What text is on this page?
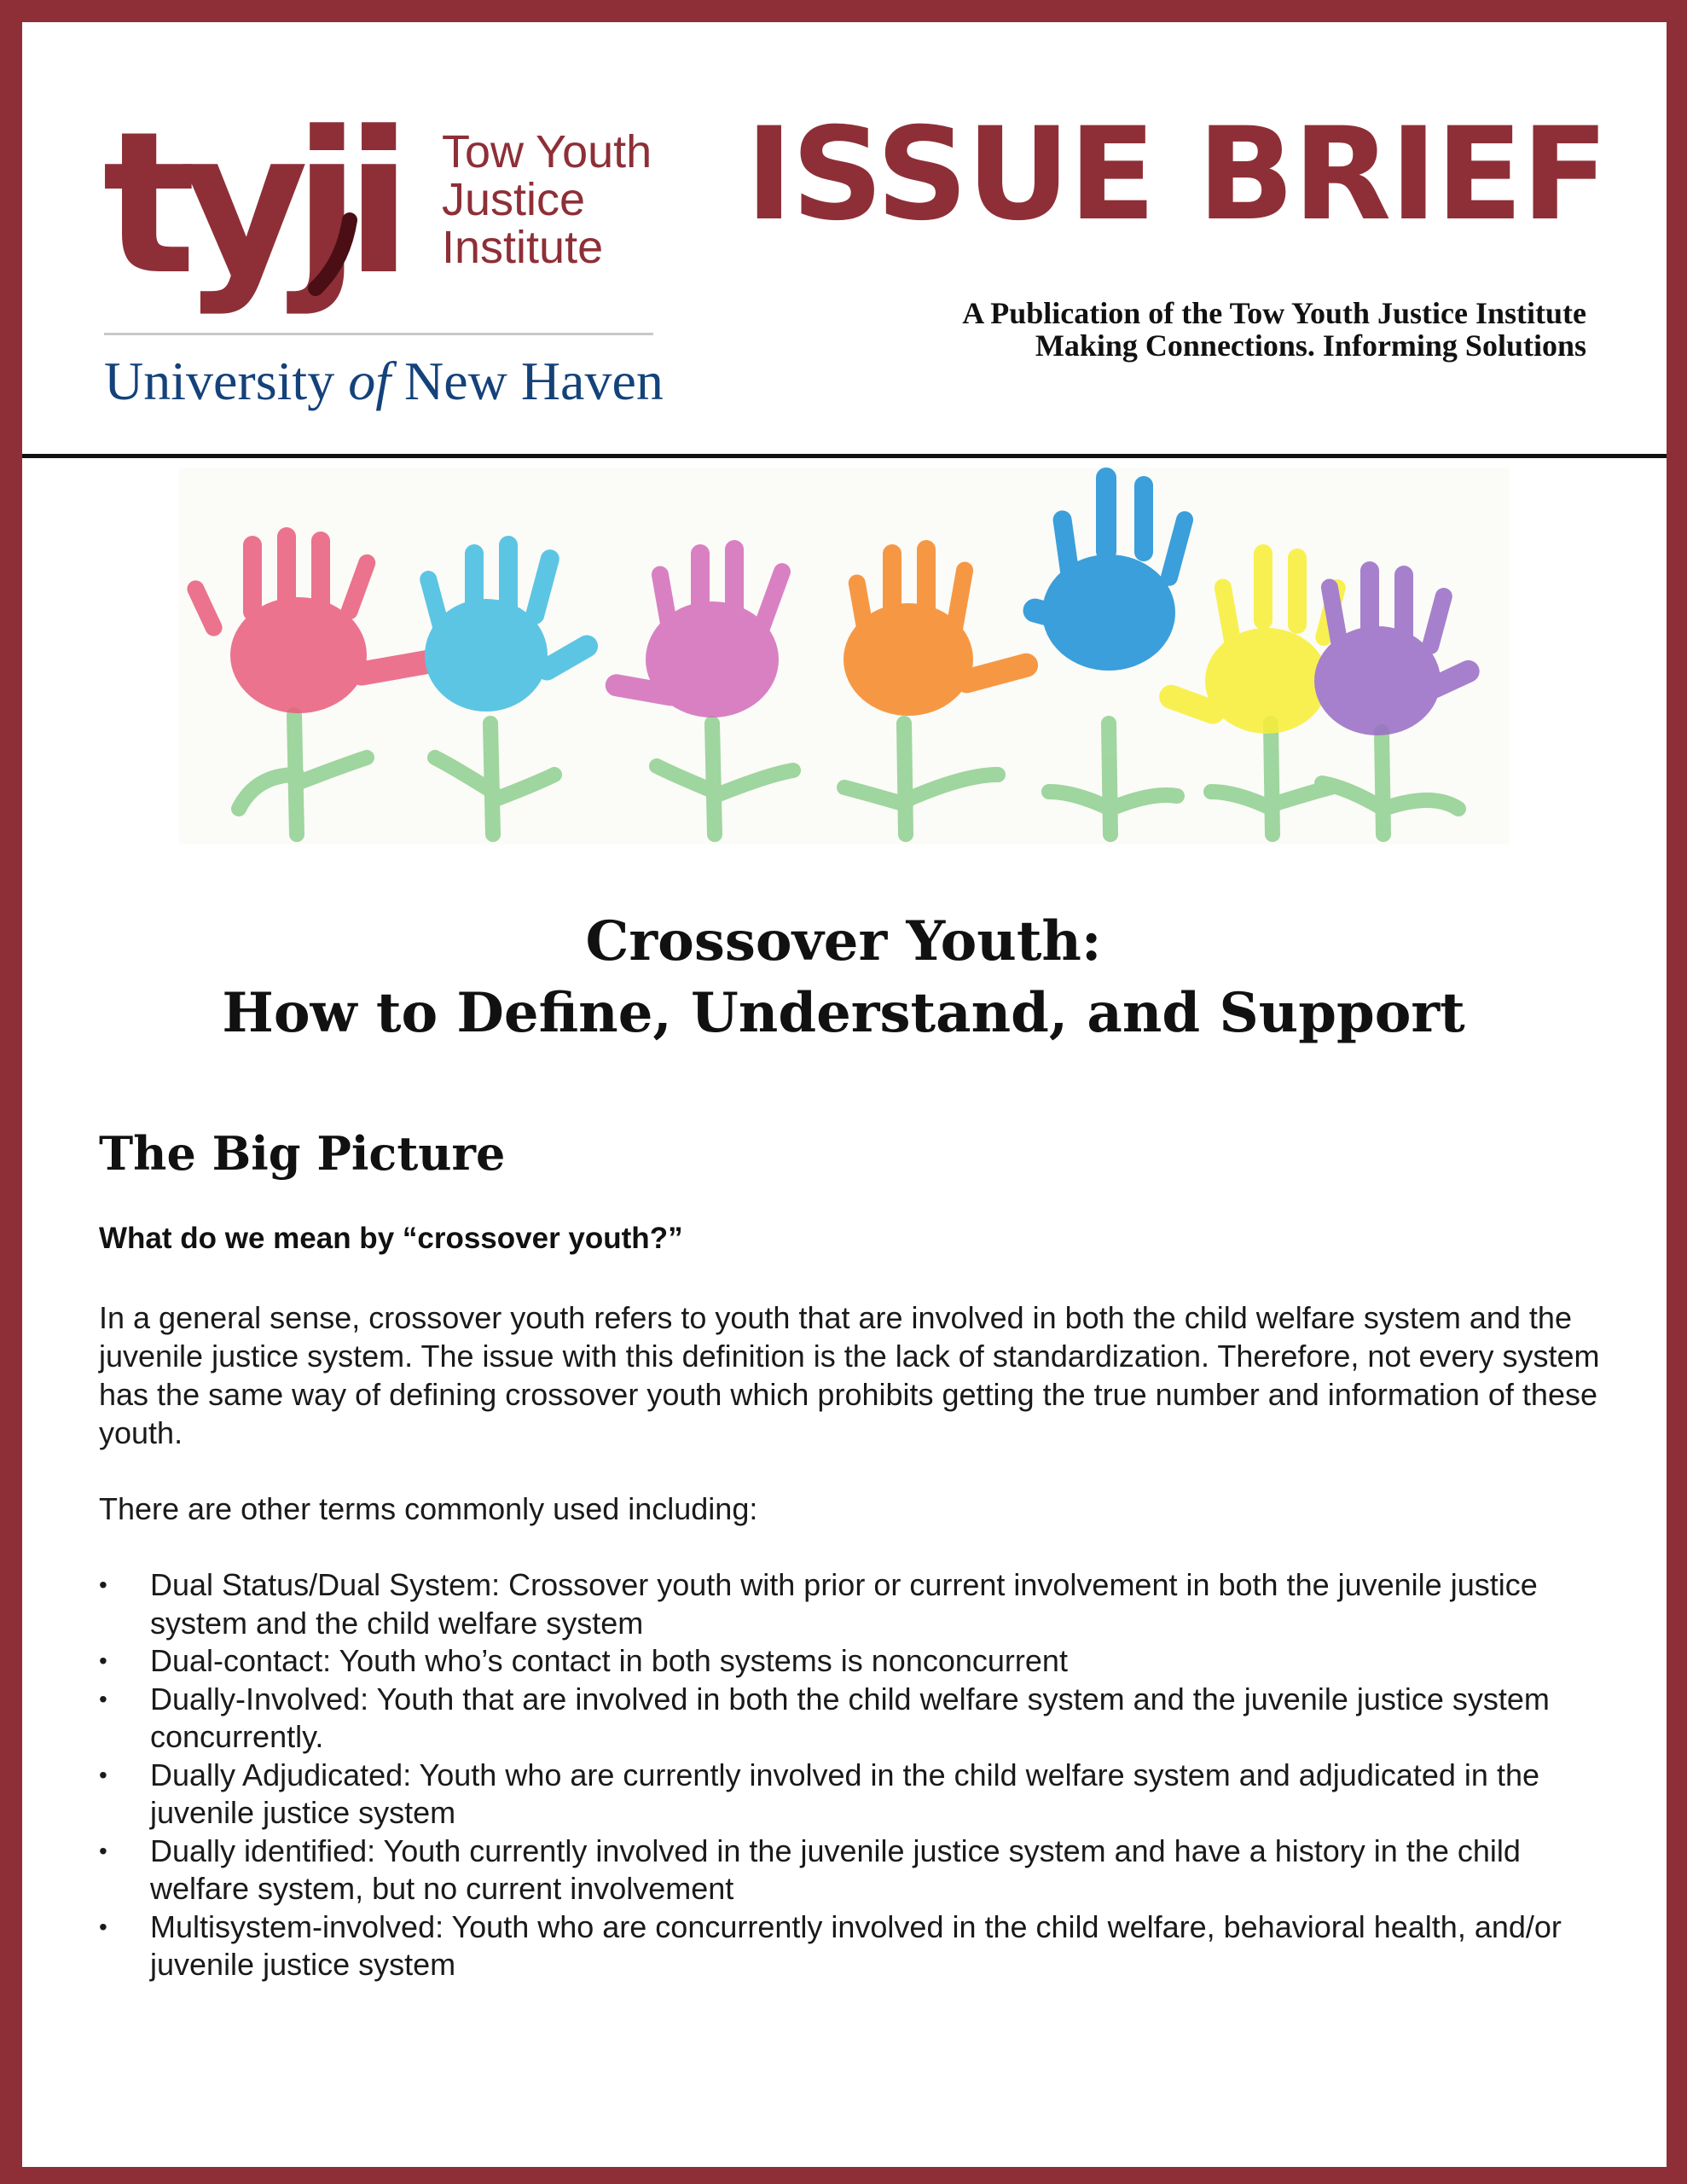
tyji Tow Youth
Justice
Institute
University of New Haven
ISSUE BRIEF
A Publication of the Tow Youth Justice Institute
Making Connections. Informing Solutions
Crossover Youth:
How to Define, Understand, and Support
The Big Picture
What do we mean by “crossover youth?”

In a general sense, crossover youth refers to youth that are involved in both the child welfare system and the juvenile justice system. The issue with this definition is the lack of standardization. Therefore, not every system has the same way of defining crossover youth which prohibits getting the true number and information of these youth.

There are other terms commonly used including:

• Dual Status/Dual System: Crossover youth with prior or current involvement in both the juvenile justice system and the child welfare system
• Dual-contact: Youth who’s contact in both systems is nonconcurrent
• Dually-Involved: Youth that are involved in both the child welfare system and the juvenile justice system concurrently.
• Dually Adjudicated: Youth who are currently involved in the child welfare system and adjudicated in the juvenile justice system
• Dually identified: Youth currently involved in the juvenile justice system and have a history in the child welfare system, but no current involvement
• Multisystem-involved: Youth who are concurrently involved in the child welfare, behavioral health, and/or juvenile justice system
